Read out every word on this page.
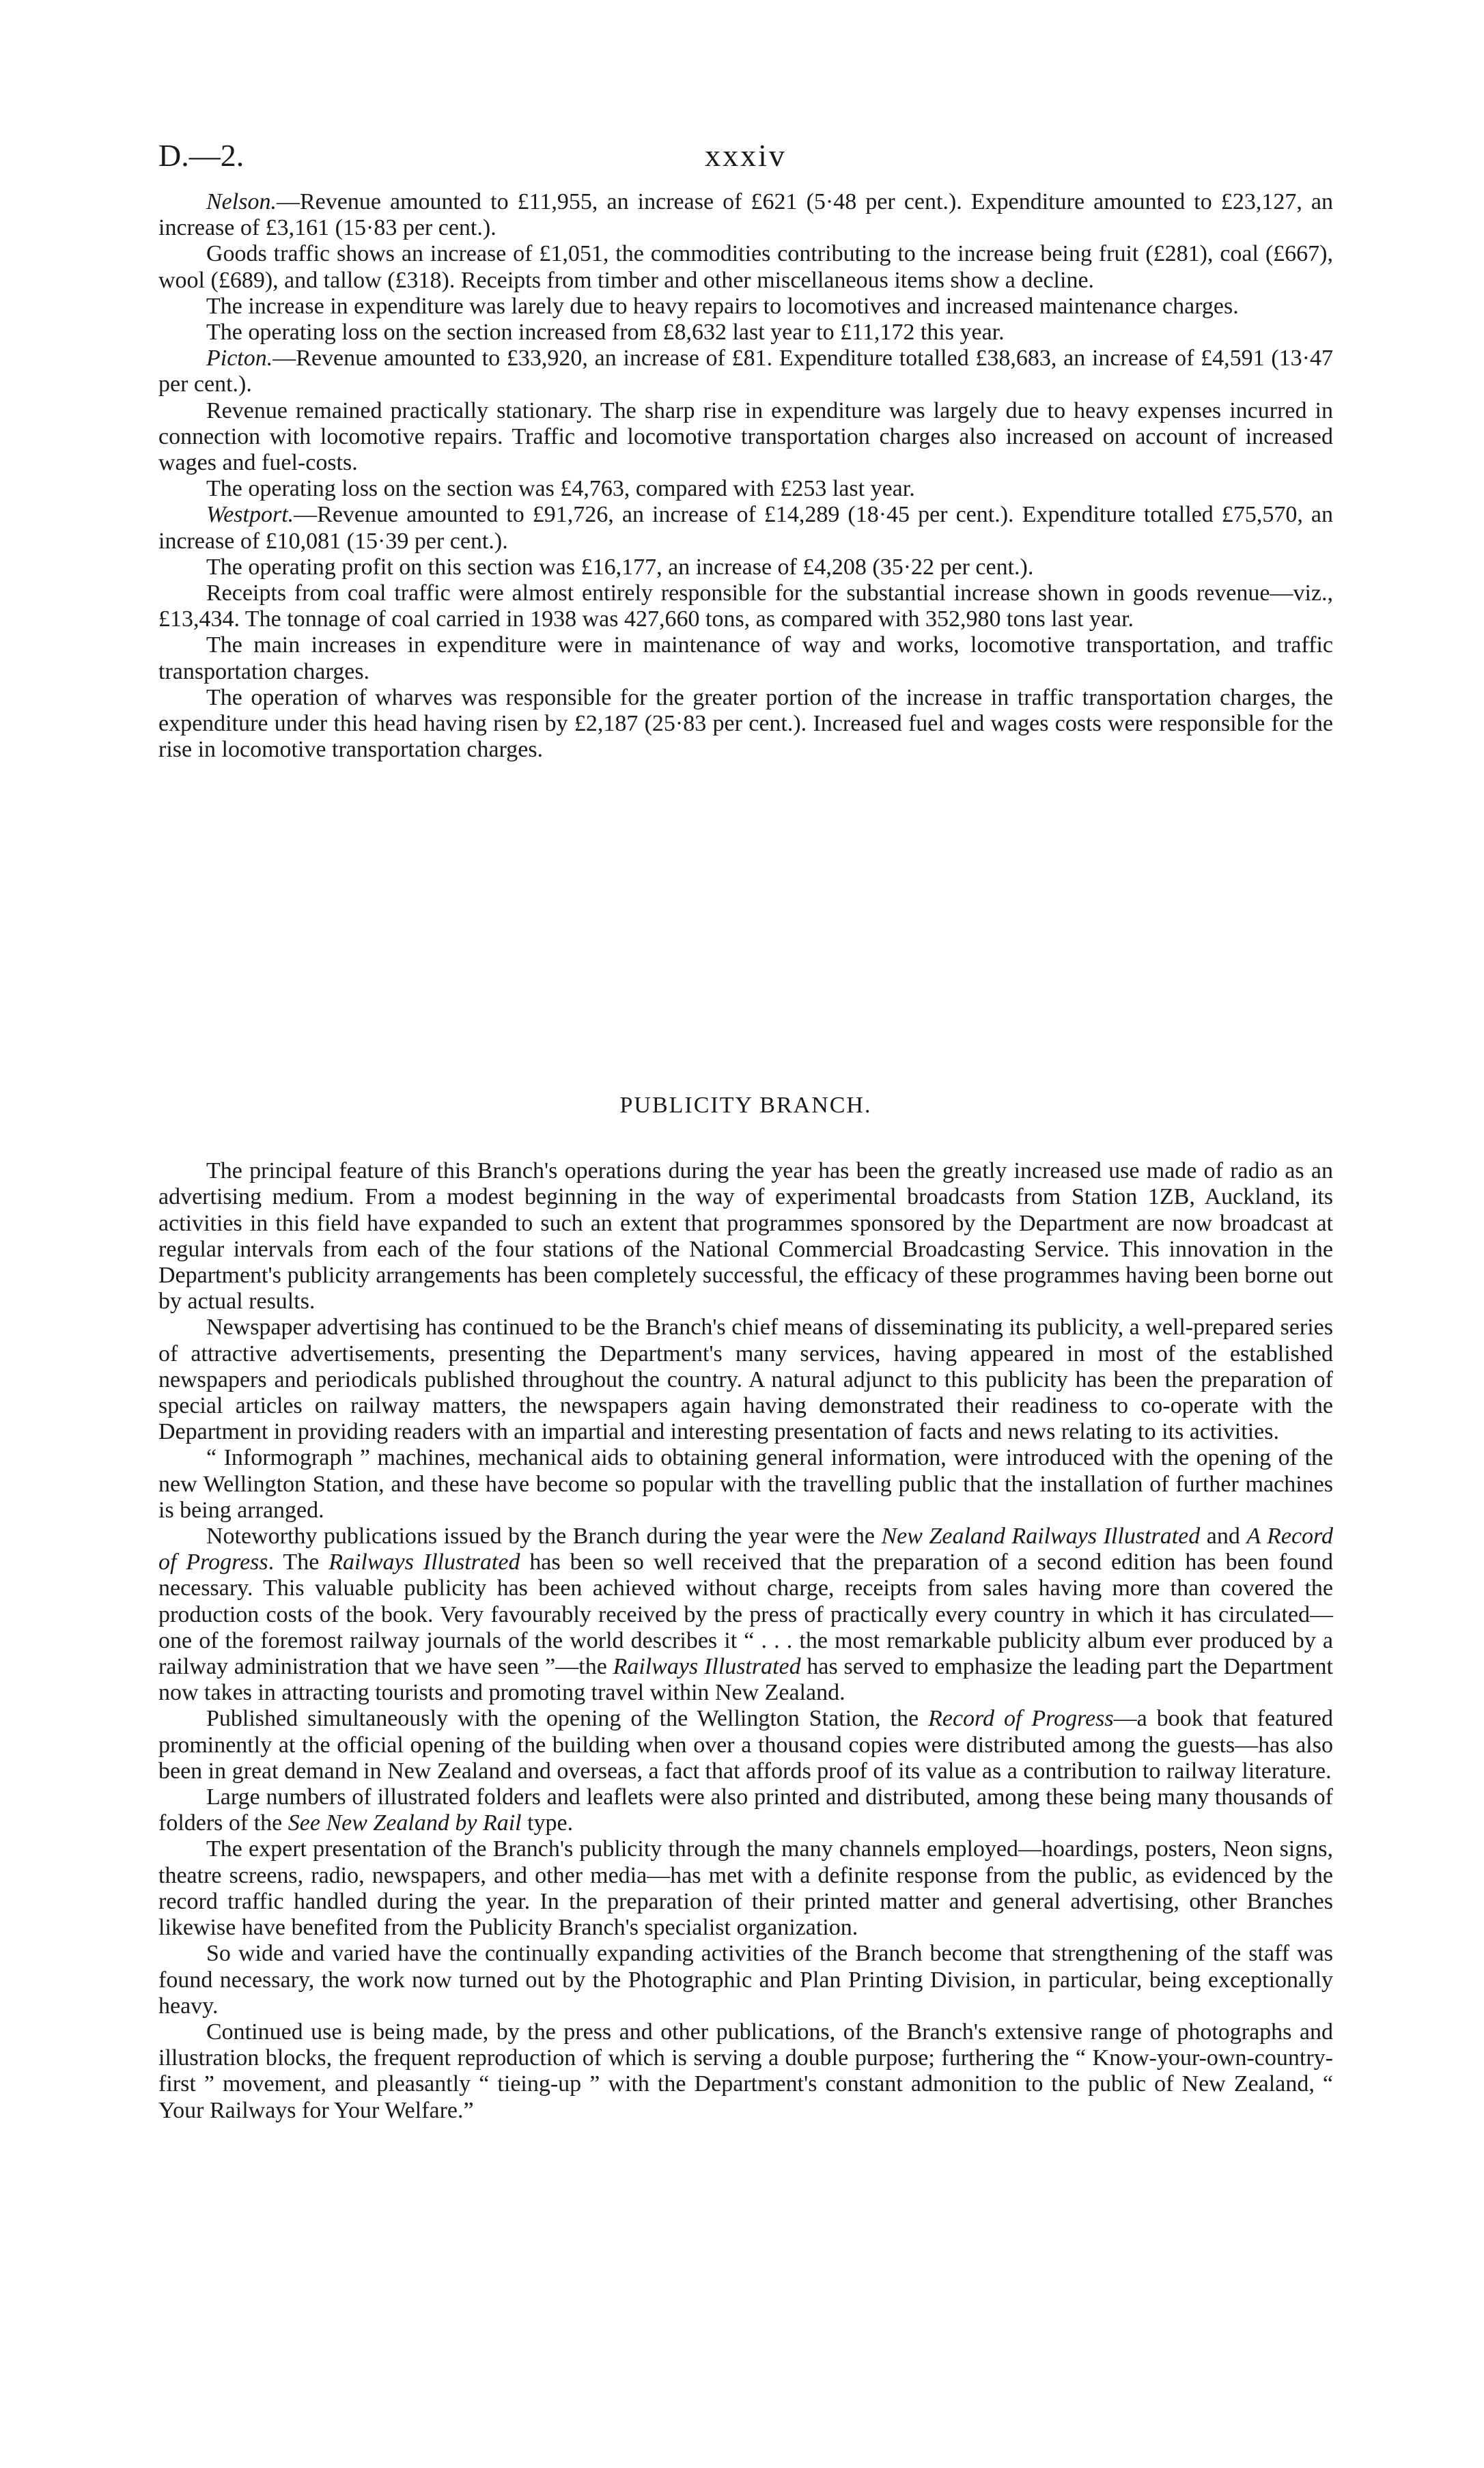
D.—2.	xxxiv

Nelson.—Revenue amounted to £11,955, an increase of £621 (5·48 per cent.). Expenditure amounted to £23,127, an increase of £3,161 (15·83 per cent.).

Goods traffic shows an increase of £1,051, the commodities contributing to the increase being fruit (£281), coal (£667), wool (£689), and tallow (£318). Receipts from timber and other miscellaneous items show a decline.

The increase in expenditure was larely due to heavy repairs to locomotives and increased maintenance charges.

The operating loss on the section increased from £8,632 last year to £11,172 this year.

Picton.—Revenue amounted to £33,920, an increase of £81. Expenditure totalled £38,683, an increase of £4,591 (13·47 per cent.).

Revenue remained practically stationary. The sharp rise in expenditure was largely due to heavy expenses incurred in connection with locomotive repairs. Traffic and locomotive transportation charges also increased on account of increased wages and fuel-costs.

The operating loss on the section was £4,763, compared with £253 last year.

Westport.—Revenue amounted to £91,726, an increase of £14,289 (18·45 per cent.). Expenditure totalled £75,570, an increase of £10,081 (15·39 per cent.).

The operating profit on this section was £16,177, an increase of £4,208 (35·22 per cent.).

Receipts from coal traffic were almost entirely responsible for the substantial increase shown in goods revenue—viz., £13,434. The tonnage of coal carried in 1938 was 427,660 tons, as compared with 352,980 tons last year.

The main increases in expenditure were in maintenance of way and works, locomotive transportation, and traffic transportation charges.

The operation of wharves was responsible for the greater portion of the increase in traffic transportation charges, the expenditure under this head having risen by £2,187 (25·83 per cent.). Increased fuel and wages costs were responsible for the rise in locomotive transportation charges.

PUBLICITY BRANCH.

The principal feature of this Branch's operations during the year has been the greatly increased use made of radio as an advertising medium. From a modest beginning in the way of experimental broadcasts from Station 1ZB, Auckland, its activities in this field have expanded to such an extent that programmes sponsored by the Department are now broadcast at regular intervals from each of the four stations of the National Commercial Broadcasting Service. This innovation in the Department's publicity arrangements has been completely successful, the efficacy of these programmes having been borne out by actual results.

Newspaper advertising has continued to be the Branch's chief means of disseminating its publicity, a well-prepared series of attractive advertisements, presenting the Department's many services, having appeared in most of the established newspapers and periodicals published throughout the country. A natural adjunct to this publicity has been the preparation of special articles on railway matters, the newspapers again having demonstrated their readiness to co-operate with the Department in providing readers with an impartial and interesting presentation of facts and news relating to its activities.

“ Informograph ” machines, mechanical aids to obtaining general information, were introduced with the opening of the new Wellington Station, and these have become so popular with the travelling public that the installation of further machines is being arranged.

Noteworthy publications issued by the Branch during the year were the New Zealand Railways Illustrated and A Record of Progress. The Railways Illustrated has been so well received that the preparation of a second edition has been found necessary. This valuable publicity has been achieved without charge, receipts from sales having more than covered the production costs of the book. Very favourably received by the press of practically every country in which it has circulated—one of the foremost railway journals of the world describes it “ . . . the most remarkable publicity album ever produced by a railway administration that we have seen ”—the Railways Illustrated has served to emphasize the leading part the Department now takes in attracting tourists and promoting travel within New Zealand.

Published simultaneously with the opening of the Wellington Station, the Record of Progress—a book that featured prominently at the official opening of the building when over a thousand copies were distributed among the guests—has also been in great demand in New Zealand and overseas, a fact that affords proof of its value as a contribution to railway literature.

Large numbers of illustrated folders and leaflets were also printed and distributed, among these being many thousands of folders of the See New Zealand by Rail type.

The expert presentation of the Branch's publicity through the many channels employed—hoardings, posters, Neon signs, theatre screens, radio, newspapers, and other media—has met with a definite response from the public, as evidenced by the record traffic handled during the year. In the preparation of their printed matter and general advertising, other Branches likewise have benefited from the Publicity Branch's specialist organization.

So wide and varied have the continually expanding activities of the Branch become that strengthening of the staff was found necessary, the work now turned out by the Photographic and Plan Printing Division, in particular, being exceptionally heavy.

Continued use is being made, by the press and other publications, of the Branch's extensive range of photographs and illustration blocks, the frequent reproduction of which is serving a double purpose; furthering the “ Know-your-own-country-first ” movement, and pleasantly “ tieing-up ” with the Department's constant admonition to the public of New Zealand, “ Your Railways for Your Welfare.”
